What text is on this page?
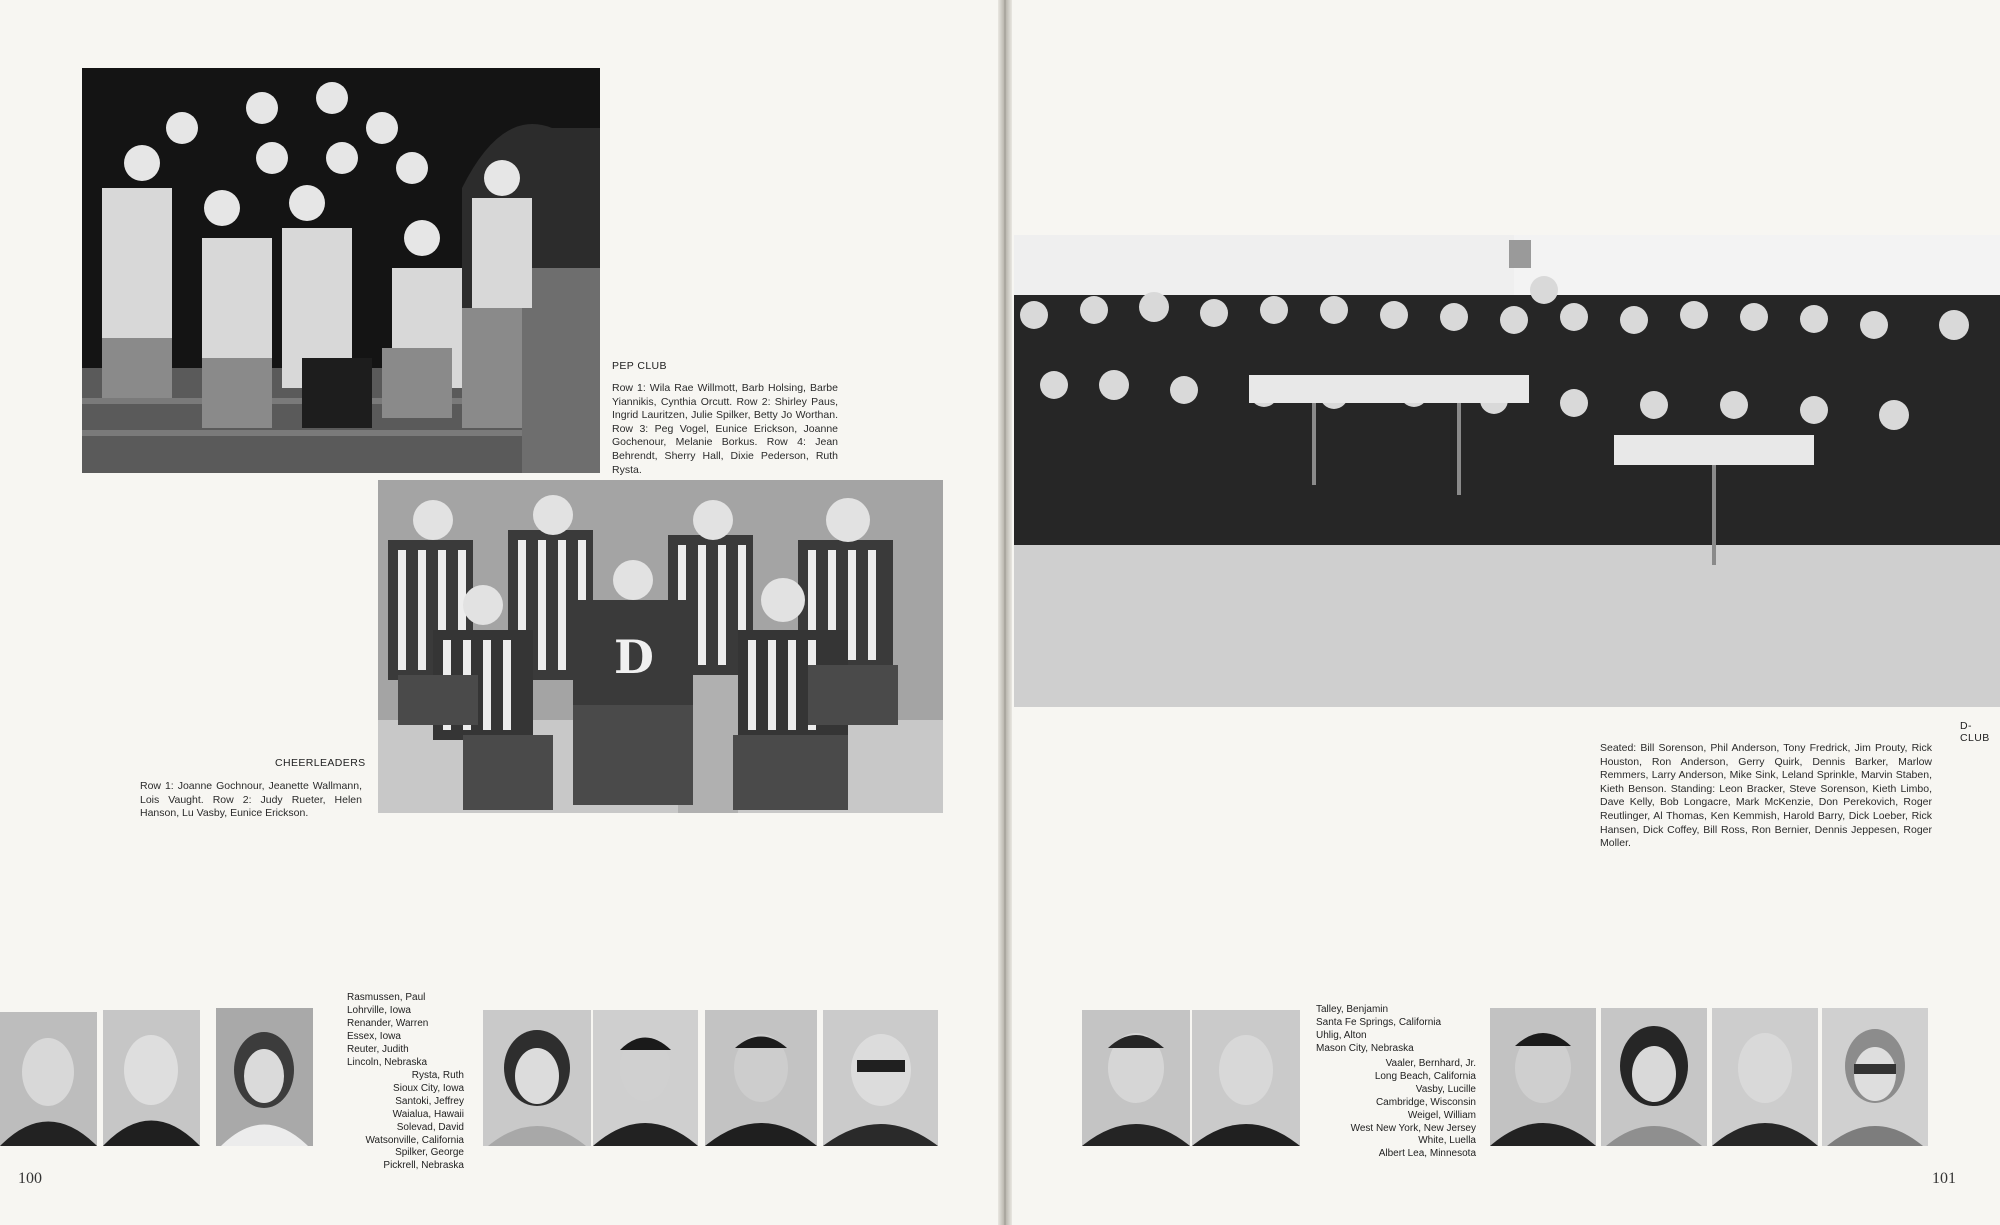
PEP CLUB
Row 1: Wila Rae Willmott, Barb Holsing, Barbe Yiannikis, Cynthia Orcutt. Row 2: Shirley Paus, Ingrid Lauritzen, Julie Spilker, Betty Jo Worthan. Row 3: Peg Vogel, Eunice Erickson, Joanne Gochenour, Melanie Borkus. Row 4: Jean Behrendt, Sherry Hall, Dixie Pederson, Ruth Rysta.
D
CHEERLEADERS
Row 1: Joanne Gochnour, Jeanette Wallmann, Lois Vaught. Row 2: Judy Rueter, Helen Hanson, Lu Vasby, Eunice Erickson.
Rasmussen, Paul
Lohrville, Iowa
Renander, Warren
Essex, Iowa
Reuter, Judith
Lincoln, Nebraska
Rysta, Ruth
Sioux City, Iowa
Santoki, Jeffrey
Waialua, Hawaii
Solevad, David
Watsonville, California
Spilker, George
Pickrell, Nebraska
100
D-CLUB
Seated: Bill Sorenson, Phil Anderson, Tony Fredrick, Jim Prouty, Rick Houston, Ron Anderson, Gerry Quirk, Dennis Barker, Marlow Remmers, Larry Anderson, Mike Sink, Leland Sprinkle, Marvin Staben, Kieth Benson. Standing: Leon Bracker, Steve Sorenson, Kieth Limbo, Dave Kelly, Bob Longacre, Mark McKenzie, Don Perekovich, Roger Reutlinger, Al Thomas, Ken Kemmish, Harold Barry, Dick Loeber, Rick Hansen, Dick Coffey, Bill Ross, Ron Bernier, Dennis Jeppesen, Roger Moller.
Talley, Benjamin
Santa Fe Springs, California
Uhlig, Alton
Mason City, Nebraska
Vaaler, Bernhard, Jr.
Long Beach, California
Vasby, Lucille
Cambridge, Wisconsin
Weigel, William
West New York, New Jersey
White, Luella
Albert Lea, Minnesota
101
